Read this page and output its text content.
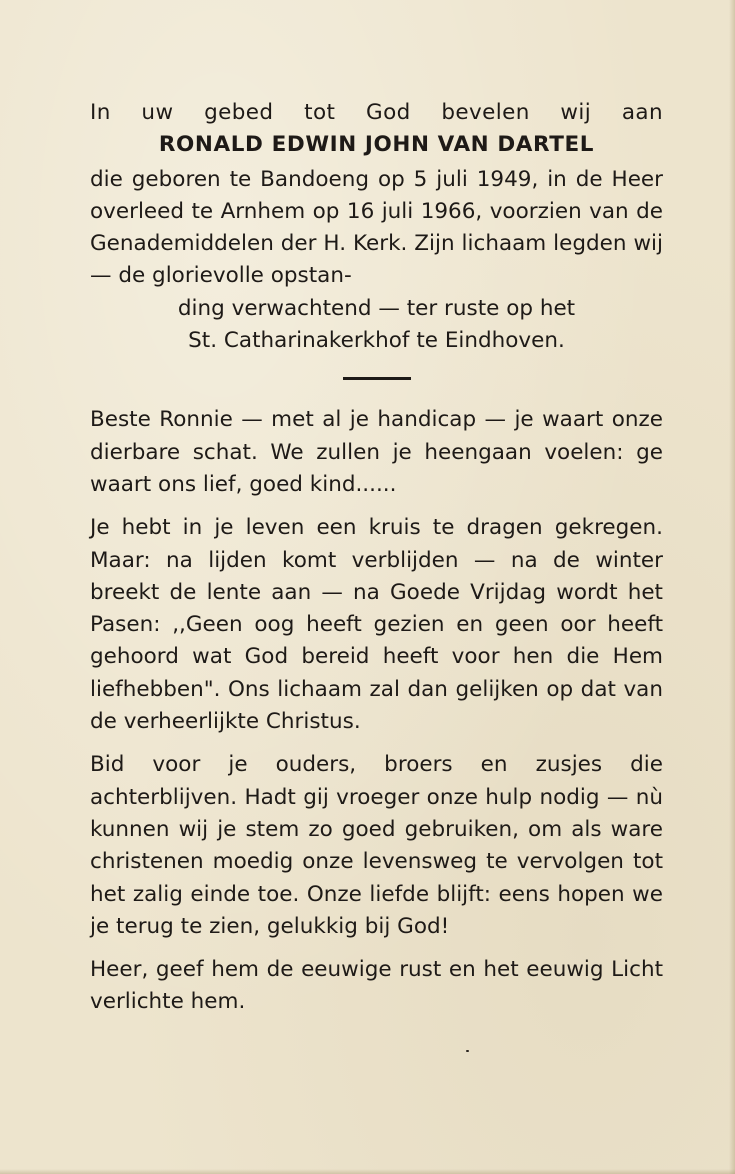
In uw gebed tot God bevelen wij aan

RONALD EDWIN JOHN VAN DARTEL

die geboren te Bandoeng op 5 juli 1949, in de Heer overleed te Arnhem op 16 juli 1966, voorzien van de Genademiddelen der H. Kerk. Zijn lichaam legden wij — de glorievolle opstan-

ding verwachtend — ter ruste op het

St. Catharinakerkhof te Eindhoven.

Beste Ronnie — met al je handicap — je waart onze dierbare schat. We zullen je heengaan voelen: ge waart ons lief, goed kind......

Je hebt in je leven een kruis te dragen gekregen. Maar: na lijden komt verblijden — na de winter breekt de lente aan — na Goede Vrijdag wordt het Pasen: ,,Geen oog heeft gezien en geen oor heeft gehoord wat God bereid heeft voor hen die Hem liefhebben". Ons lichaam zal dan gelijken op dat van de verheerlijkte Christus.

Bid voor je ouders, broers en zusjes die achterblijven. Hadt gij vroeger onze hulp nodig — nù kunnen wij je stem zo goed gebruiken, om als ware christenen moedig onze levensweg te vervolgen tot het zalig einde toe. Onze liefde blijft: eens hopen we je terug te zien, gelukkig bij God!

Heer, geef hem de eeuwige rust en het eeuwig Licht verlichte hem.
